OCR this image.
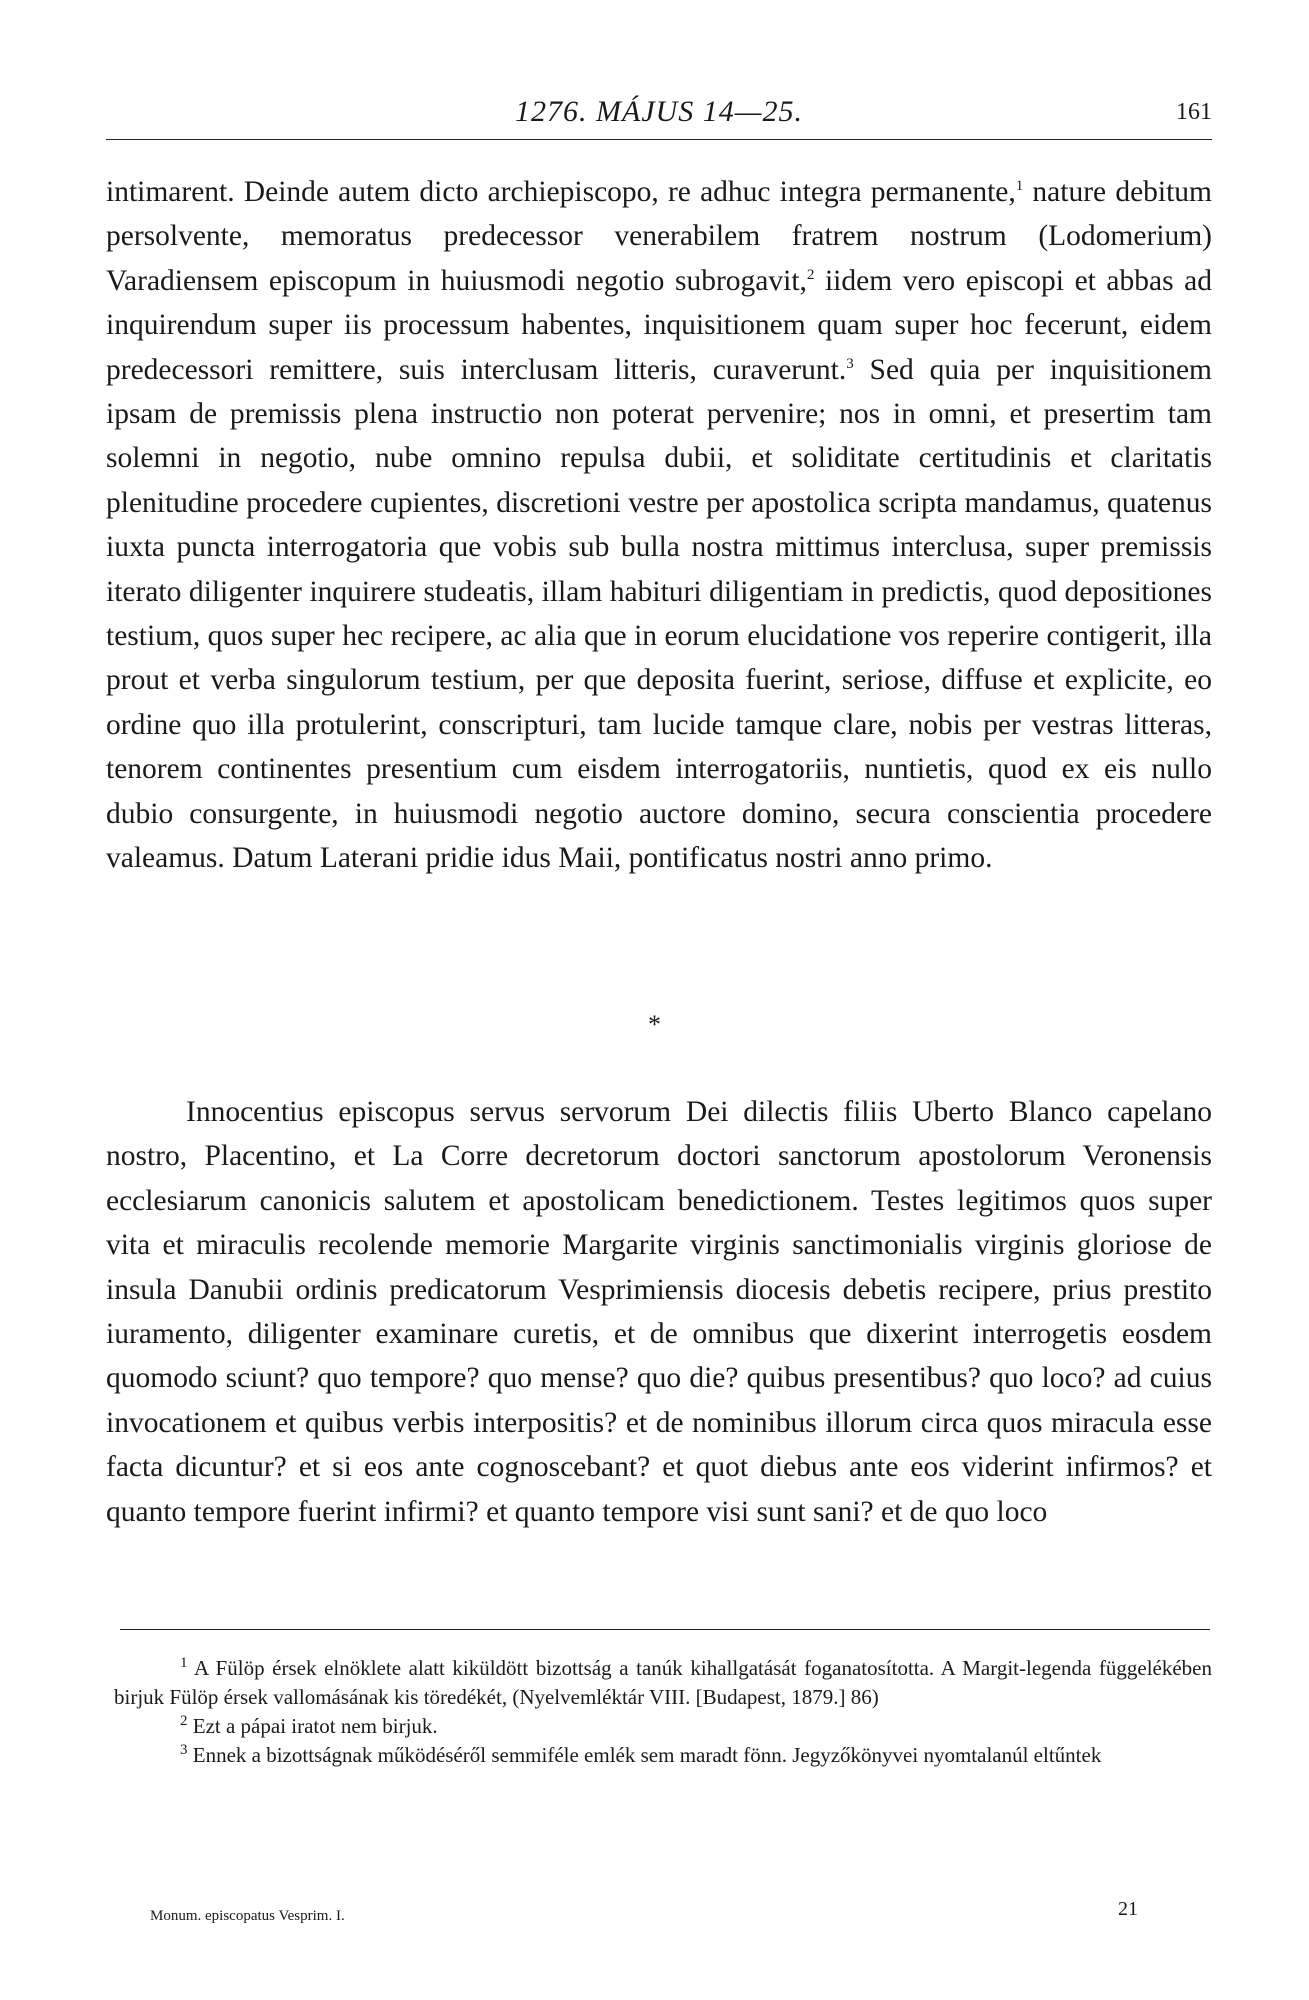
1276. MÁJUS 14—25.	161

intimarent. Deinde autem dicto archiepiscopo, re adhuc integra permanente,$^1$ nature debitum persolvente, memoratus predecessor venerabilem fratrem nostrum (Lodomerium) Varadiensem episcopum in huiusmodi negotio subrogavit,$^2$ iidem vero episcopi et abbas ad inquirendum super iis processum habentes, inquisitionem quam super hoc fecerunt, eidem predecessori remittere, suis interclusam litteris, curaverunt.$^3$ Sed quia per inquisitionem ipsam de premissis plena instructio non poterat pervenire; nos in omni, et presertim tam solemni in negotio, nube omnino repulsa dubii, et soliditate certitudinis et claritatis plenitudine procedere cupientes, discretioni vestre per apostolica scripta mandamus, quatenus iuxta puncta interrogatoria que vobis sub bulla nostra mittimus interclusa, super premissis iterato diligenter inquirere studeatis, illam habituri diligentiam in predictis, quod depositiones testium, quos super hec recipere, ac alia que in eorum elucidatione vos reperire contigerit, illa prout et verba singulorum testium, per que deposita fuerint, seriose, diffuse et explicite, eo ordine quo illa protulerint, conscripturi, tam lucide tamque clare, nobis per vestras litteras, tenorem continentes presentium cum eisdem interrogatoriis, nuntietis, quod ex eis nullo dubio consurgente, in huiusmodi negotio auctore domino, secura conscientia procedere valeamus. Datum Laterani pridie idus Maii, pontificatus nostri anno primo.

*

Innocentius episcopus servus servorum Dei dilectis filiis Uberto Blanco capelano nostro, Placentino, et La Corre decretorum doctori sanctorum apostolorum Veronensis ecclesiarum canonicis salutem et apostolicam benedictionem. Testes legitimos quos super vita et miraculis recolende memorie Margarite virginis sanctimonialis virginis gloriose de insula Danubii ordinis predicatorum Vesprimiensis diocesis debetis recipere, prius prestito iuramento, diligenter examinare curetis, et de omnibus que dixerint interrogetis eosdem quomodo sciunt? quo tempore? quo mense? quo die? quibus presentibus? quo loco? ad cuius invocationem et quibus verbis interpositis? et de nominibus illorum circa quos miracula esse facta dicuntur? et si eos ante cognoscebant? et quot diebus ante eos viderint infirmos? et quanto tempore fuerint infirmi? et quanto tempore visi sunt sani? et de quo loco

$^1$ A Fülöp érsek elnöklete alatt kiküldött bizottság a tanúk kihallgatását foganatosította. A Margit-legenda függelékében birjuk Fülöp érsek vallomásának kis töredékét, (Nyelvemléktár VIII. [Budapest, 1879.] 86)

$^2$ Ezt a pápai iratot nem birjuk.

$^3$ Ennek a bizottságnak működéséről semmiféle emlék sem maradt fönn. Jegyzőkönyvei nyomtalanúl eltűntek

Monum. episcopatus Vesprim. I.	21
